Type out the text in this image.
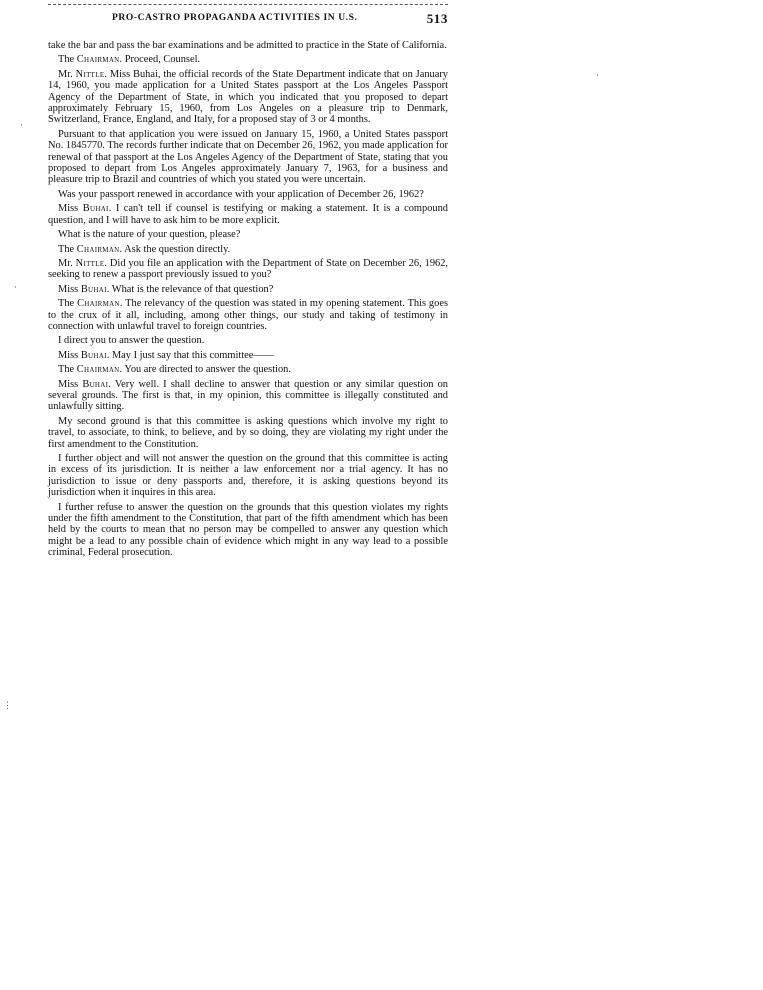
PRO-CASTRO PROPAGANDA ACTIVITIES IN U.S.	513

take the bar and pass the bar examinations and be admitted to practice in the State of California.

The Chairman. Proceed, Counsel.

Mr. Nittle. Miss Buhai, the official records of the State Department indicate that on January 14, 1960, you made application for a United States passport at the Los Angeles Passport Agency of the Department of State, in which you indicated that you proposed to depart approximately February 15, 1960, from Los Angeles on a pleasure trip to Denmark, Switzerland, France, England, and Italy, for a proposed stay of 3 or 4 months.

Pursuant to that application you were issued on January 15, 1960, a United States passport No. 1845770. The records further indicate that on December 26, 1962, you made application for renewal of that passport at the Los Angeles Agency of the Department of State, stating that you proposed to depart from Los Angeles approximately January 7, 1963, for a business and pleasure trip to Brazil and countries of which you stated you were uncertain.

Was your passport renewed in accordance with your application of December 26, 1962?

Miss Buhai. I can't tell if counsel is testifying or making a statement. It is a compound question, and I will have to ask him to be more explicit.

What is the nature of your question, please?

The Chairman. Ask the question directly.

Mr. Nittle. Did you file an application with the Department of State on December 26, 1962, seeking to renew a passport previously issued to you?

Miss Buhai. What is the relevance of that question?

The Chairman. The relevancy of the question was stated in my opening statement. This goes to the crux of it all, including, among other things, our study and taking of testimony in connection with unlawful travel to foreign countries.

I direct you to answer the question.

Miss Buhai. May I just say that this committee——

The Chairman. You are directed to answer the question.

Miss Buhai. Very well. I shall decline to answer that question or any similar question on several grounds. The first is that, in my opinion, this committee is illegally constituted and unlawfully sitting.

My second ground is that this committee is asking questions which involve my right to travel, to associate, to think, to believe, and by so doing, they are violating my right under the first amendment to the Constitution.

I further object and will not answer the question on the ground that this committee is acting in excess of its jurisdiction. It is neither a law enforcement nor a trial agency. It has no jurisdiction to issue or deny passports and, therefore, it is asking questions beyond its jurisdiction when it inquires in this area.

I further refuse to answer the question on the grounds that this question violates my rights under the fifth amendment to the Constitution, that part of the fifth amendment which has been held by the courts to mean that no person may be compelled to answer any question which might be a lead to any possible chain of evidence which might in any way lead to a possible criminal, Federal prosecution.

·
·
·
⋮
